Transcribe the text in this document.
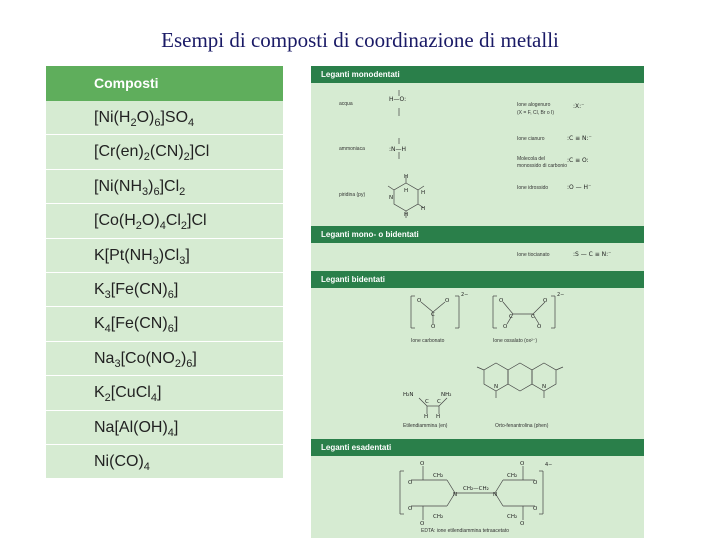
Esempi di composti di coordinazione di metalli
Composti
$[Ni(H_2O)_6]SO_4$
$[Cr(en)_2(CN)_2]Cl$
$[Ni(NH_3)_6]Cl_2$
$[Co(H_2O)_4Cl_2]Cl$
$K[Pt(NH_3)Cl_3]$
$K_3[Fe(CN)_6]$
$K_4[Fe(CN)_6]$
$Na_3[Co(NO_2)_6]$
$K_2[CuCl_4]$
$Na[Al(OH)_4]$
$Ni(CO)_4$
Leganti monodentati
acqua
H—O:
ammoniaca	:N—H
piridina (py)
Ione alogenuro
(X = F, Cl, Br o I)
:X:⁻
Ione cianuro	:C ≡ N:⁻
Molecola del
monossido di carbonio
:C ≡ O:
Ione idrossido	:O — H⁻
H
H
N
H
H
H
O	O
C
O
O	O
C	C
O	O
H H
C C
N	N
O
O
O
O
N	N
CH₂—CH₂
CH₂
CH₂
CH₂
CH₂
O
O
O
O
Leganti mono- o bidentati
Ione tiocianato	:S — C ≡ N:⁻
Leganti bidentati
2−	2−
Ione carbonato	Ione ossalato (ox²⁻)
H₂N	NH₂
Etilendiammina (en)	Orto-fenantrolina (phen)
Leganti esadentati
4−
EDTA: ione etilendiammina tetraacetato
